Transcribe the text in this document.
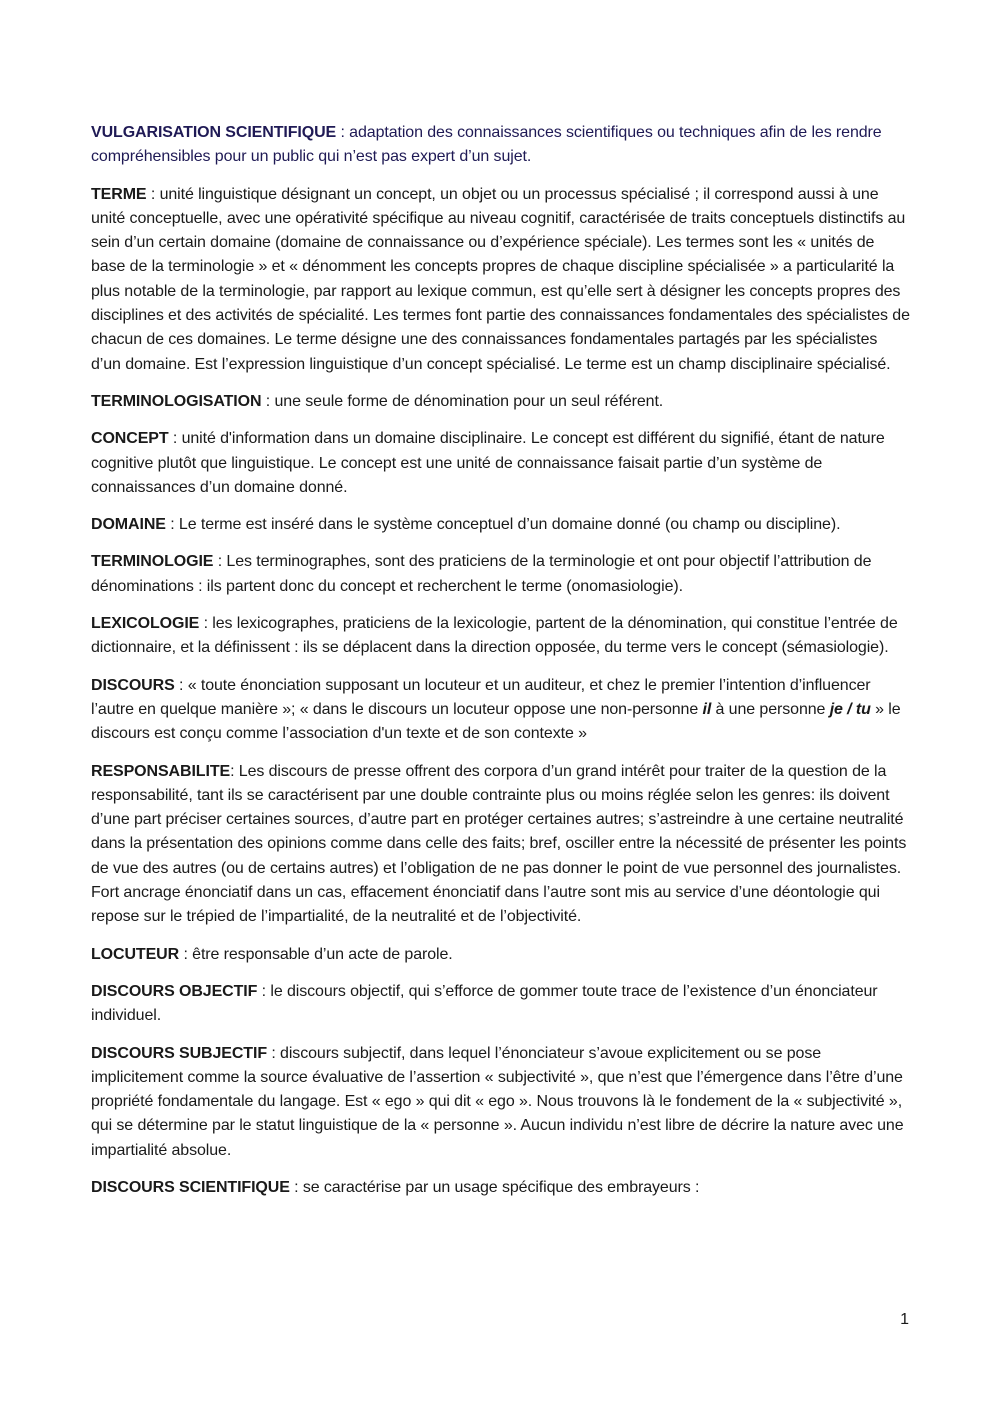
VULGARISATION SCIENTIFIQUE : adaptation des connaissances scientifiques ou techniques afin de les rendre compréhensibles pour un public qui n’est pas expert d’un sujet.

TERME : unité linguistique désignant un concept, un objet ou un processus spécialisé ; il correspond aussi à une unité conceptuelle, avec une opérativité spécifique au niveau cognitif, caractérisée de traits conceptuels distinctifs au sein d’un certain domaine (domaine de connaissance ou d’expérience spéciale). Les termes sont les « unités de base de la terminologie » et « dénomment les concepts propres de chaque discipline spécialisée » a particularité la plus notable de la terminologie, par rapport au lexique commun, est qu’elle sert à désigner les concepts propres des disciplines et des activités de spécialité. Les termes font partie des connaissances fondamentales des spécialistes de chacun de ces domaines. Le terme désigne une des connaissances fondamentales partagés par les spécialistes d’un domaine. Est l’expression linguistique d’un concept spécialisé. Le terme est un champ disciplinaire spécialisé.

TERMINOLOGISATION : une seule forme de dénomination pour un seul référent.

CONCEPT : unité d'information dans un domaine disciplinaire. Le concept est différent du signifié, étant de nature cognitive plutôt que linguistique. Le concept est une unité de connaissance faisait partie d’un système de connaissances d’un domaine donné.

DOMAINE : Le terme est inséré dans le système conceptuel d’un domaine donné (ou champ ou discipline).

TERMINOLOGIE : Les terminographes, sont des praticiens de la terminologie et ont pour objectif l’attribution de dénominations : ils partent donc du concept et recherchent le terme (onomasiologie).

LEXICOLOGIE : les lexicographes, praticiens de la lexicologie, partent de la dénomination, qui constitue l’entrée de dictionnaire, et la définissent : ils se déplacent dans la direction opposée, du terme vers le concept (sémasiologie).

DISCOURS : « toute énonciation supposant un locuteur et un auditeur, et chez le premier l’intention d’influencer l’autre en quelque manière »; « dans le discours un locuteur oppose une non-personne il à une personne je / tu » le discours est conçu comme l’association d'un texte et de son contexte »

RESPONSABILITE: Les discours de presse offrent des corpora d’un grand intérêt pour traiter de la question de la responsabilité, tant ils se caractérisent par une double contrainte plus ou moins réglée selon les genres: ils doivent d’une part préciser certaines sources, d’autre part en protéger certaines autres; s’astreindre à une certaine neutralité dans la présentation des opinions comme dans celle des faits; bref, osciller entre la nécessité de présenter les points de vue des autres (ou de certains autres) et l’obligation de ne pas donner le point de vue personnel des journalistes. Fort ancrage énonciatif dans un cas, effacement énonciatif dans l’autre sont mis au service d’une déontologie qui repose sur le trépied de l’impartialité, de la neutralité et de l’objectivité.

LOCUTEUR : être responsable d’un acte de parole.

DISCOURS OBJECTIF : le discours objectif, qui s’efforce de gommer toute trace de l’existence d’un énonciateur individuel.

DISCOURS SUBJECTIF : discours subjectif, dans lequel l’énonciateur s’avoue explicitement ou se pose implicitement comme la source évaluative de l’assertion « subjectivité », que n’est que l’émergence dans l’être d’une propriété fondamentale du langage. Est « ego » qui dit « ego ». Nous trouvons là le fondement de la « subjectivité », qui se détermine par le statut linguistique de la « personne ». Aucun individu n’est libre de décrire la nature avec une impartialité absolue.

DISCOURS SCIENTIFIQUE : se caractérise par un usage spécifique des embrayeurs :

1
